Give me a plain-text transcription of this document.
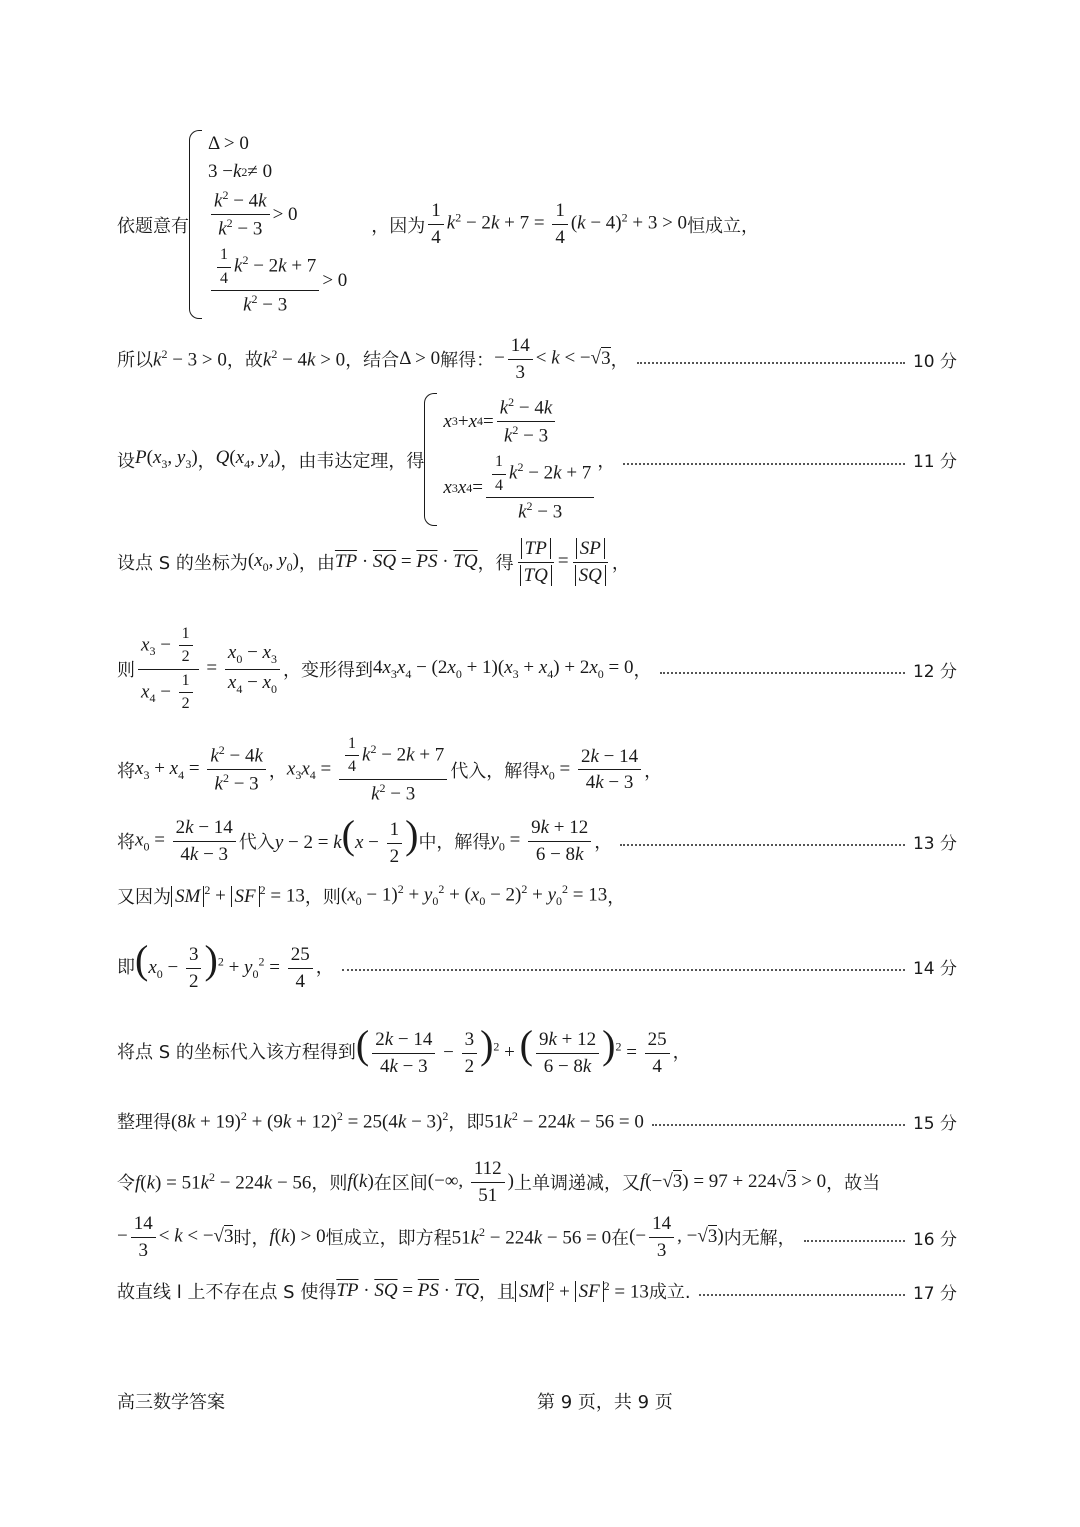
依题意有
Δ > 0
3 − k 2 ≠ 0
$\frac{k^2 - 4k}{k^2 - 3} > 0$
$\frac{\frac{1}{4} k^2 - 2k + 7}{k^2 - 3} > 0$
，因为 $\frac{1}{4} k^2 - 2k + 7 = \frac{1}{4} (k - 4)^2 + 3 > 0$ 恒成立，
所以 $k^2 - 3 > 0$ ，故 $k^2 - 4k > 0$ ，结合 Δ > 0 解得： − $\frac{14}{3} < k < -√3$ ，	10 分
设 $P(x_3$, $y_3$) ， $Q(x_4$, $y_4$) ，由韦达定理，得
x 3 + x $4 = \frac{k^2 - 4k}{k^2 - 3}$
x 3 x $4 = \frac{\frac{1}{4} k^2 - 2k + 7}{k^2 - 3}$ ，	11 分
设点 S 的坐标为 ($x_0$, $y_0$) ，由 $\overline{TP} \cdot \overline{SQ} = \overline{PS} \cdot \overline{TQ}$ ，得 $\frac{TP}{TQ} = \frac{SP}{SQ}$ ，
则 $\frac{x_3 - \frac{1}{2}}{x_4 - \frac{1}{2}} = \frac{x_0 - x_3}{x_4 - x_0}$ ，变形得到 $4x_3x_4 - (2x_0 + 1)(x_3 + x_4) + 2x_0 = 0$ ，	12 分
将 $x_3 + x_4 = \frac{k^2 - 4k}{k^2 - 3}$ ， $x_3x_4 = \frac{\frac{1}{4} k^2 - 2k + 7}{k^2 - 3}$ 代入，解得 $x_0 = \frac{2k - 14}{4k - 3}$ ，
将 $x_0 = \frac{2k - 14}{4k - 3}$ 代入 $y - 2 = k(x - \frac{1}{2}$ ) 中，解得 $y_0 = \frac{9k + 12}{6 - 8k}$ ，	13 分
又因为 SM $^2$ + SF $^2$ = 13 ，则 $(x_0 - 1)^2 + y_0^2 + (x_0 - 2)^2 + y_0^2 = 13$ ，
即 $(x_0 - \frac{3}{2} )^2 + y_0^2 = \frac{25}{4}$ ，	14 分
将点 S 的坐标代入该方程得到 ( $\frac{2k - 14}{4k - 3} - \frac{3}{2} )^2$ + ( $\frac{9k + 12}{6 - 8k} )^2 = \frac{25}{4}$ ，
整理得 $(8k + 19)^2 + (9k + 12)^2 = 25(4k - 3)^2$ ，即 $51k^2 - 224k - 56 = 0$	15 分
令 $f(k) = 51k^2 - 224k - 56$ ，则 f(k) 在区间 (−∞, $\frac{112}{51}$ ) 上单调递减，又 f(−√3) = 97 + 224√3 > 0 ，故当
− $\frac{14}{3} < k < -√3$ 时， f(k) > 0 恒成立，即方程 $51k^2 - 224k - 56 = 0$ 在 (− $\frac{14}{3}$ , −√3) 内无解，	16 分
故直线 l 上不存在点 S 使得 $\overline{TP} \cdot \overline{SQ} = \overline{PS} \cdot \overline{TQ}$ ，且 SM $^2$ + SF $^2$ = 13 成立.	17 分
高三数学答案	第 9 页，共 9 页
